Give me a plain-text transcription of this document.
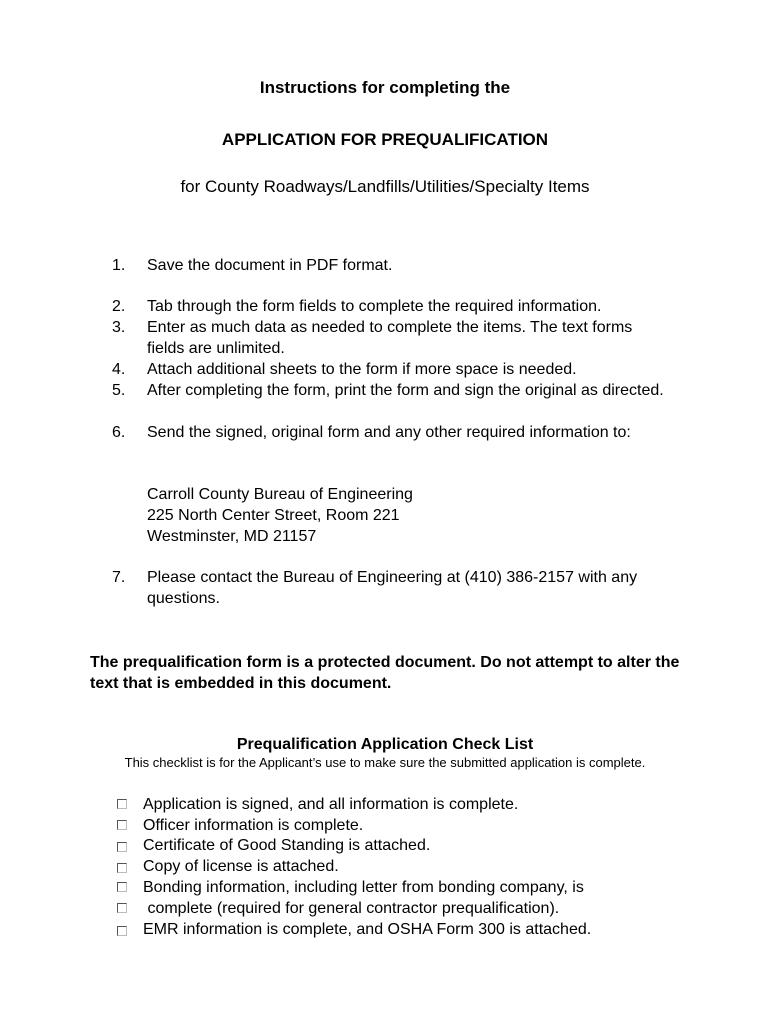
Instructions for completing the
APPLICATION FOR PREQUALIFICATION
for County Roadways/Landfills/Utilities/Specialty Items
1.	Save the document in PDF format.
2.	Tab through the form fields to complete the required information.
3.	Enter as much data as needed to complete the items. The text forms fields are unlimited.
4.	Attach additional sheets to the form if more space is needed.
5.	After completing the form, print the form and sign the original as directed.
6.	Send the signed, original form and any other required information to:
Carroll County Bureau of Engineering
225 North Center Street, Room 221
Westminster, MD 21157
7.	Please contact the Bureau of Engineering at (410) 386-2157 with any questions.
The prequalification form is a protected document. Do not attempt to alter the text that is embedded in this document.
Prequalification Application Check List
This checklist is for the Applicant’s use to make sure the submitted application is complete.
Application is signed, and all information is complete.
Officer information is complete.
Certificate of Good Standing is attached.
Copy of license is attached.
Bonding information, including letter from bonding company, is
complete (required for general contractor prequalification).
EMR information is complete, and OSHA Form 300 is attached.
